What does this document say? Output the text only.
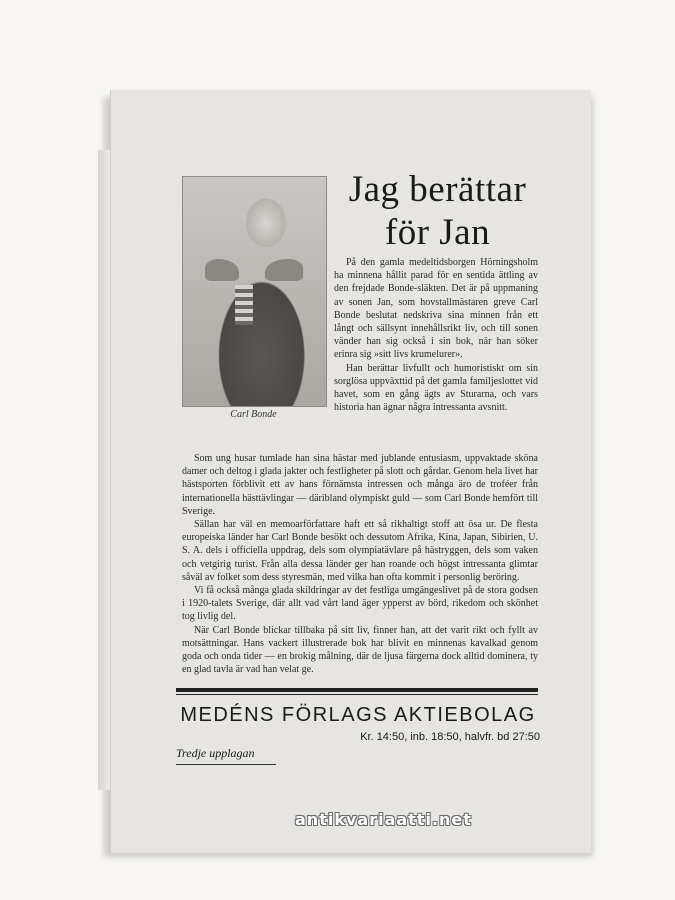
Carl Bonde
Jag berättar
för Jan

På den gamla medeltidsborgen Hörningsholm ha minnena hållit parad för en sentida ättling av den frejdade Bonde-släkten. Det är på uppmaning av sonen Jan, som hovstallmästaren greve Carl Bonde beslutat nedskriva sina minnen från ett långt och sällsynt innehållsrikt liv, och till sonen vänder han sig också i sin bok, när han söker erinra sig »sitt livs krumelurer».

Han berättar livfullt och humoristiskt om sin sorglösa uppväxttid på det gamla familjeslottet vid havet, som en gång ägts av Sturarna, och vars historia han ägnar några intressanta avsnitt.

Som ung husar tumlade han sina hästar med jublande entusiasm, uppvaktade sköna damer och deltog i glada jakter och festligheter på slott och gårdar. Genom hela livet har hästsporten förblivit ett av hans förnämsta intressen och många äro de troféer från internationella hästtävlingar — däribland olympiskt guld — som Carl Bonde hemfört till Sverige.

Sällan har väl en memoarförfattare haft ett så rikhaltigt stoff att ösa ur. De flesta europeiska länder har Carl Bonde besökt och dessutom Afrika, Kina, Japan, Sibirien, U. S. A. dels i officiella uppdrag, dels som olympiatävlare på hästryggen, dels som vaken och vetgirig turist. Från alla dessa länder ger han roande och högst intressanta glimtar såväl av folket som dess styresmän, med vilka han ofta kommit i personlig beröring.

Vi få också många glada skildringar av det festliga umgängeslivet på de stora godsen i 1920-talets Sverige, där allt vad vårt land äger ypperst av börd, rikedom och skönhet tog livlig del.

När Carl Bonde blickar tillbaka på sitt liv, finner han, att det varit rikt och fyllt av motsättningar. Hans vackert illustrerade bok har blivit en minnenas kavalkad genom goda och onda tider — en brokig målning, där de ljusa färgerna dock alltid dominera, ty en glad tavla är vad han velat ge.

MEDÉNS FÖRLAGS AKTIEBOLAG
Kr. 14:50, inb. 18:50, halvfr. bd 27:50
Tredje upplagan
antikvariaatti.net
